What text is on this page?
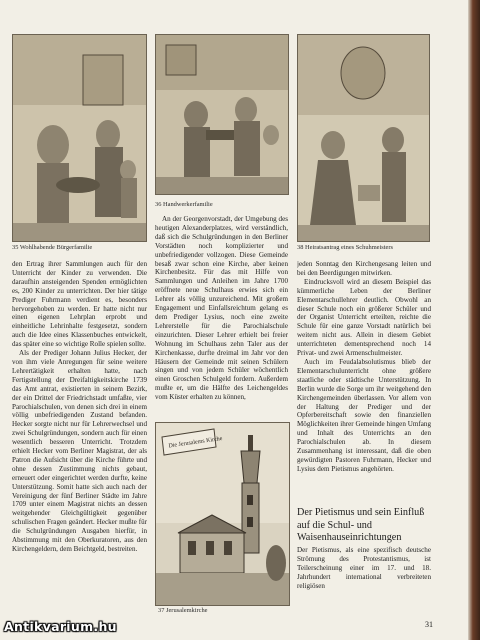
35 Wohlhabende Bürgerfamilie
36 Handwerkerfamilie
38 Heiratsantrag eines Schuhmeisters

den Ertrag ihrer Sammlungen auch für den Unterricht der Kinder zu verwenden. Die daraufhin ansteigenden Spenden ermöglichten es, 200 Kinder zu unterrichten. Der hier tätige Prediger Fuhrmann verdient es, besonders hervorgehoben zu werden. Er hatte nicht nur einen eigenen Lehrplan erprobt und einheitliche Lehrinhalte festgesetzt, sondern auch die Idee eines Klassenbuches entwickelt, das später eine so wichtige Rolle spielen sollte.

Als der Prediger Johann Julius Hecker, der von ihm viele Anregungen für seine weitere Lehrertätigkeit erhalten hatte, nach Fertigstellung der Dreifaltigkeitskirche 1739 das Amt antrat, existierten in seinem Bezirk, der ein Drittel der Friedrichstadt umfaßte, vier Parochialschulen, von denen sich drei in einem völlig unbefriedigenden Zustand befanden. Hecker sorgte nicht nur für Lehrerwechsel und zwei Schulgründungen, sondern auch für einen wesentlich besseren Unterricht. Trotzdem erhielt Hecker vom Berliner Magistrat, der als Patron die Aufsicht über die Kirche führte und ohne dessen Zustimmung nichts gebaut, erneuert oder eingerichtet werden durfte, keine Unterstützung. Somit hatte sich auch nach der Vereinigung der fünf Berliner Städte im Jahre 1709 unter einem Magistrat nichts an dessen weitgehender Gleichgültigkeit gegenüber schulischen Fragen geändert. Hecker mußte für die Schulgründungen Ausgaben hierfür, in Abstimmung mit den Oberkuratoren, aus den Kirchengeldern, dem Beichtgeld, bestreiten.

An der Georgenvorstadt, der Umgebung des heutigen Alexanderplatzes, wird verständlich, daß sich die Schulgründungen in den Berliner Vorstädten noch komplizierter und unbefriedigender vollzogen. Diese Gemeinde besaß zwar schon eine Kirche, aber keinen Kirchenbesitz. Für das mit Hilfe von Sammlungen und Anleihen im Jahre 1700 eröffnete neue Schulhaus erwies sich ein Lehrer als völlig unzureichend. Mit großem Engagement und Einfallsreichtum gelang es dem Prediger Lysius, noch eine zweite Lehrerstelle für die Parochialschule einzurichten. Dieser Lehrer erhielt bei freier Wohnung im Schulhaus zehn Taler aus der Kirchenkasse, durfte dreimal im Jahr vor den Häusern der Gemeinde mit seinen Schülern singen und von jedem Schüler wöchentlich einen Groschen Schulgeld fordern. Außerdem mußte er, um die Hälfte des Leichengeldes vom Küster erhalten zu können,

Die Jerusalems Kirche
37 Jerusalemkirche

jeden Sonntag den Kirchengesang leiten und bei den Beerdigungen mitwirken.

Eindrucksvoll wird an diesem Beispiel das kümmerliche Leben der Berliner Elementarschullehrer deutlich. Obwohl an dieser Schule noch ein größerer Schüler und der Organist Unterricht erteilten, reichte die Schule für eine ganze Vorstadt natürlich bei weitem nicht aus. Allein in diesem Gebiet unterrichteten dementsprechend noch 14 Privat- und zwei Armenschulmeister.

Auch im Feudalabsolutismus blieb der Elementarschulunterricht ohne größere staatliche oder städtische Unterstützung. In Berlin wurde die Sorge um ihr weitgehend den Kirchengemeinden überlassen. Vor allem von der Haltung der Prediger und der Opferbereitschaft sowie den finanziellen Möglichkeiten ihrer Gemeinde hingen Umfang und Inhalt des Unterrichts an den Parochialschulen ab. In diesem Zusammenhang ist interessant, daß die oben gewürdigten Pastoren Fuhrmann, Hecker und Lysius dem Pietismus angehörten.

Der Pietismus und sein Einfluß auf die Schul- und Waisenhauseinrichtungen

Der Pietismus, als eine spezifisch deutsche Strömung des Protestantismus, ist Teilerscheinung einer im 17. und 18. Jahrhundert international verbreiteten religiösen

31
Antikvarium.hu
